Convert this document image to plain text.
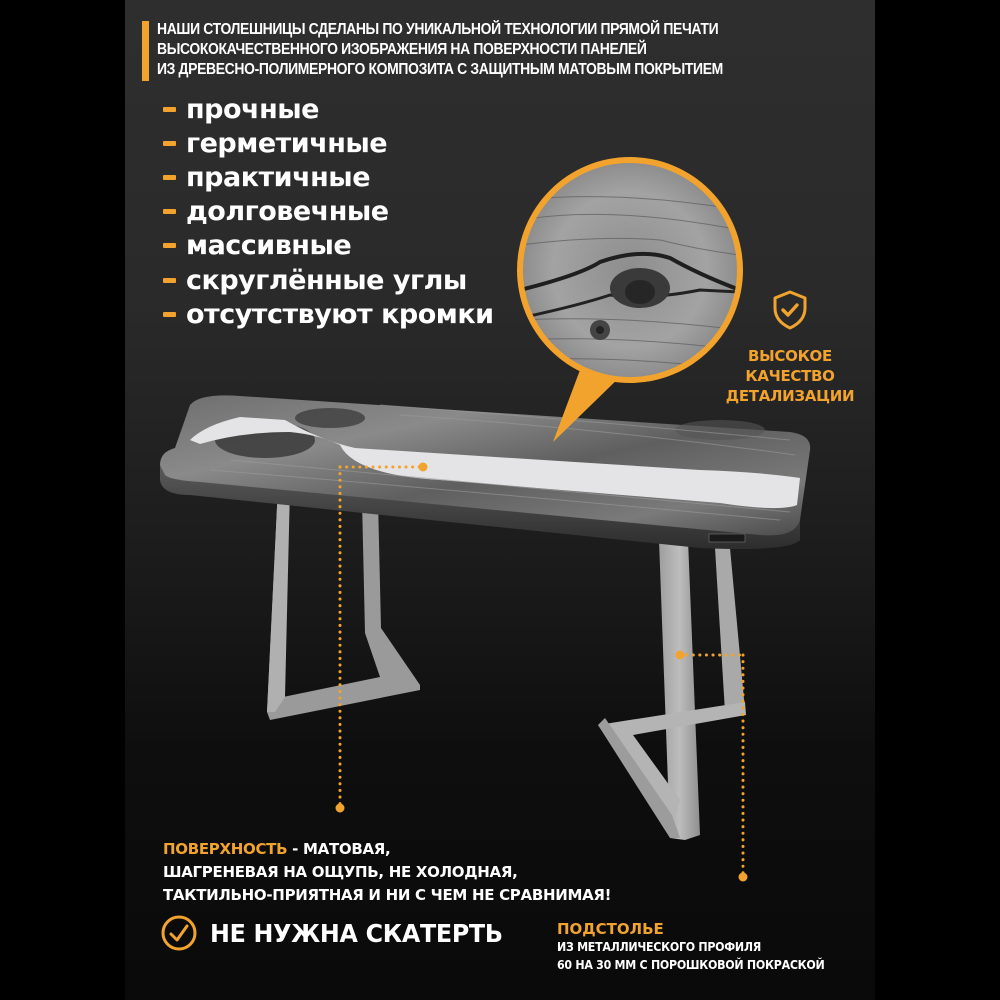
НАШИ СТОЛЕШНИЦЫ СДЕЛАНЫ ПО УНИКАЛЬНОЙ ТЕХНОЛОГИИ ПРЯМОЙ ПЕЧАТИ
ВЫСОКОКАЧЕСТВЕННОГО ИЗОБРАЖЕНИЯ НА ПОВЕРХНОСТИ ПАНЕЛЕЙ
ИЗ ДРЕВЕСНО-ПОЛИМЕРНОГО КОМПОЗИТА С ЗАЩИТНЫМ МАТОВЫМ ПОКРЫТИЕМ
прочные
герметичные
практичные
долговечные
массивные
скруглённые углы
отсутствуют кромки
ВЫСОКОЕ
КАЧЕСТВО
ДЕТАЛИЗАЦИИ
ПОВЕРХНОСТЬ - МАТОВАЯ,
ШАГРЕНЕВАЯ НА ОЩУПЬ, НЕ ХОЛОДНАЯ,
ТАКТИЛЬНО-ПРИЯТНАЯ И НИ С ЧЕМ НЕ СРАВНИМАЯ!
НЕ НУЖНА СКАТЕРТЬ	ПОДСТОЛЬЕ
ИЗ МЕТАЛЛИЧЕСКОГО ПРОФИЛЯ
60 НА 30 ММ С ПОРОШКОВОЙ ПОКРАСКОЙ
